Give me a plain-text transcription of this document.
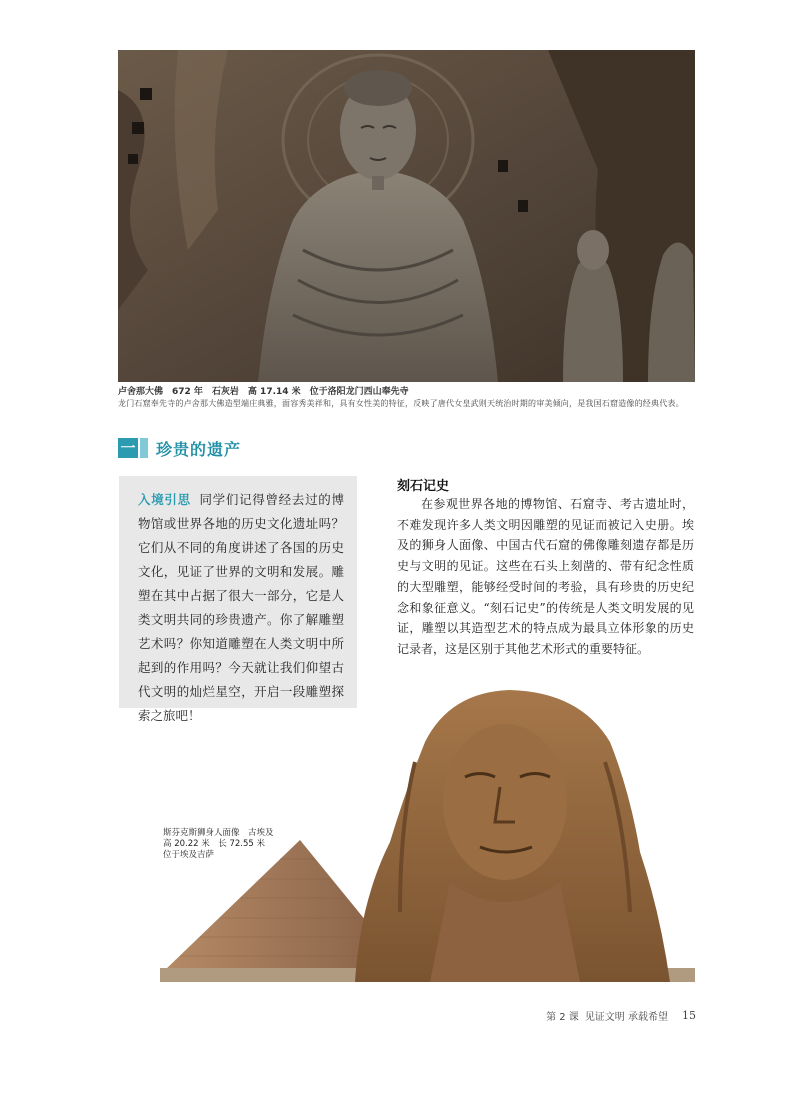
卢舍那大佛　672 年　石灰岩　高 17.14 米　位于洛阳龙门西山奉先寺
龙门石窟奉先寺的卢舍那大佛造型端庄典雅，面容秀美祥和，具有女性美的特征，反映了唐代女皇武则天统治时期的审美倾向，是我国石窟造像的经典代表。
一 珍贵的遗产
入境引思 同学们记得曾经去过的博物馆或世界各地的历史文化遗址吗？它们从不同的角度讲述了各国的历史文化，见证了世界的文明和发展。雕塑在其中占据了很大一部分，它是人类文明共同的珍贵遗产。你了解雕塑艺术吗？你知道雕塑在人类文明中所起到的作用吗？今天就让我们仰望古代文明的灿烂星空，开启一段雕塑探索之旅吧！
刻石记史
在参观世界各地的博物馆、石窟寺、考古遗址时，不难发现许多人类文明因雕塑的见证而被记入史册。埃及的狮身人面像、中国古代石窟的佛像雕刻遗存都是历史与文明的见证。这些在石头上刻凿的、带有纪念性质的大型雕塑，能够经受时间的考验，具有珍贵的历史纪念和象征意义。“刻石记史”的传统是人类文明发展的见证，雕塑以其造型艺术的特点成为最具立体形象的历史记录者，这是区别于其他艺术形式的重要特征。
斯芬克斯狮身人面像　古埃及
高 20.22 米　长 72.55 米
位于埃及吉萨
第 2 课 见证文明 承载希望 15
